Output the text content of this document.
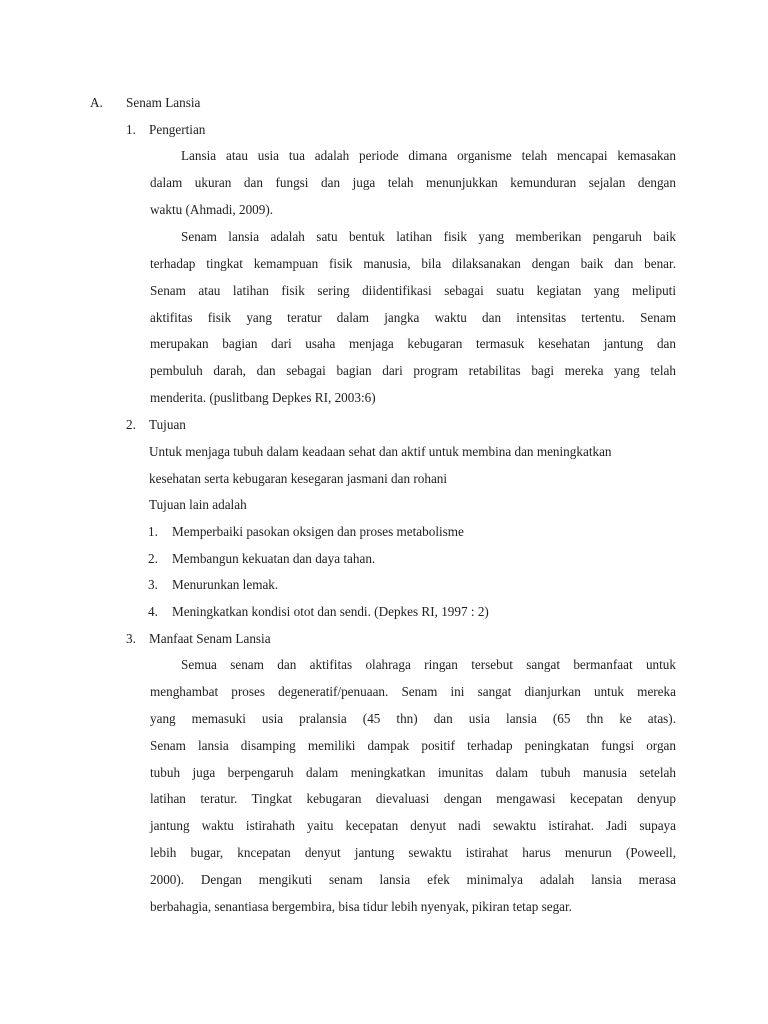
A. Senam Lansia
1. Pengertian
Lansia atau usia tua adalah periode dimana organisme telah mencapai kemasakan
dalam ukuran dan fungsi dan juga telah menunjukkan kemunduran sejalan dengan
waktu (Ahmadi, 2009).
Senam lansia adalah satu bentuk latihan fisik yang memberikan pengaruh baik
terhadap tingkat kemampuan fisik manusia, bila dilaksanakan dengan baik dan benar.
Senam atau latihan fisik sering diidentifikasi sebagai suatu kegiatan yang meliputi
aktifitas fisik yang teratur dalam jangka waktu dan intensitas tertentu. Senam
merupakan bagian dari usaha menjaga kebugaran termasuk kesehatan jantung dan
pembuluh darah, dan sebagai bagian dari program retabilitas bagi mereka yang telah
menderita. (puslitbang Depkes RI, 2003:6)
2. Tujuan
Untuk menjaga tubuh dalam keadaan sehat dan aktif untuk membina dan meningkatkan
kesehatan serta kebugaran kesegaran jasmani dan rohani
Tujuan lain adalah
1. Memperbaiki pasokan oksigen dan proses metabolisme
2. Membangun kekuatan dan daya tahan.
3. Menurunkan lemak.
4. Meningkatkan kondisi otot dan sendi. (Depkes RI, 1997 : 2)
3. Manfaat Senam Lansia
Semua senam dan aktifitas olahraga ringan tersebut sangat bermanfaat untuk
menghambat proses degeneratif/penuaan. Senam ini sangat dianjurkan untuk mereka
yang memasuki usia pralansia (45 thn) dan usia lansia (65 thn ke atas).
Senam lansia disamping memiliki dampak positif terhadap peningkatan fungsi organ
tubuh juga berpengaruh dalam meningkatkan imunitas dalam tubuh manusia setelah
latihan teratur. Tingkat kebugaran dievaluasi dengan mengawasi kecepatan denyup
jantung waktu istirahath yaitu kecepatan denyut nadi sewaktu istirahat. Jadi supaya
lebih bugar, kncepatan denyut jantung sewaktu istirahat harus menurun (Poweell,
2000). Dengan mengikuti senam lansia efek minimalya adalah lansia merasa
berbahagia, senantiasa bergembira, bisa tidur lebih nyenyak, pikiran tetap segar.
